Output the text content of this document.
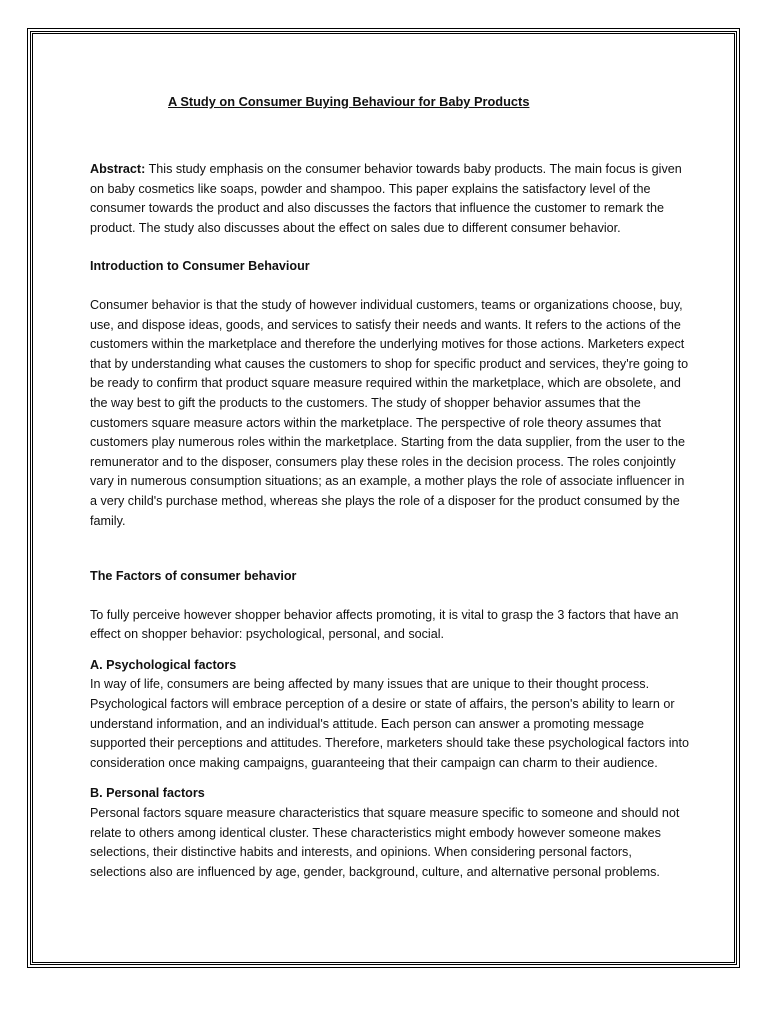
A Study on Consumer Buying Behaviour for Baby Products

Abstract: This study emphasis on the consumer behavior towards baby products. The main focus is given on baby cosmetics like soaps, powder and shampoo. This paper explains the satisfactory level of the consumer towards the product and also discusses the factors that influence the customer to remark the product. The study also discusses about the effect on sales due to different consumer behavior.

Introduction to Consumer Behaviour

Consumer behavior is that the study of however individual customers, teams or organizations choose, buy, use, and dispose ideas, goods, and services to satisfy their needs and wants. It refers to the actions of the customers within the marketplace and therefore the underlying motives for those actions. Marketers expect that by understanding what causes the customers to shop for specific product and services, they're going to be ready to confirm that product square measure required within the marketplace, which are obsolete, and the way best to gift the products to the customers. The study of shopper behavior assumes that the customers square measure actors within the marketplace. The perspective of role theory assumes that customers play numerous roles within the marketplace. Starting from the data supplier, from the user to the remunerator and to the disposer, consumers play these roles in the decision process. The roles conjointly vary in numerous consumption situations; as an example, a mother plays the role of associate influencer in a very child's purchase method, whereas she plays the role of a disposer for the product consumed by the family.

The Factors of consumer behavior

To fully perceive however shopper behavior affects promoting, it is vital to grasp the 3 factors that have an effect on shopper behavior: psychological, personal, and social.

A. Psychological factors

In way of life, consumers are being affected by many issues that are unique to their thought process. Psychological factors will embrace perception of a desire or state of affairs, the person's ability to learn or understand information, and an individual's attitude. Each person can answer a promoting message supported their perceptions and attitudes. Therefore, marketers should take these psychological factors into consideration once making campaigns, guaranteeing that their campaign can charm to their audience.

B. Personal factors

Personal factors square measure characteristics that square measure specific to someone and should not relate to others among identical cluster. These characteristics might embody however someone makes selections, their distinctive habits and interests, and opinions. When considering personal factors, selections also are influenced by age, gender, background, culture, and alternative personal problems.
